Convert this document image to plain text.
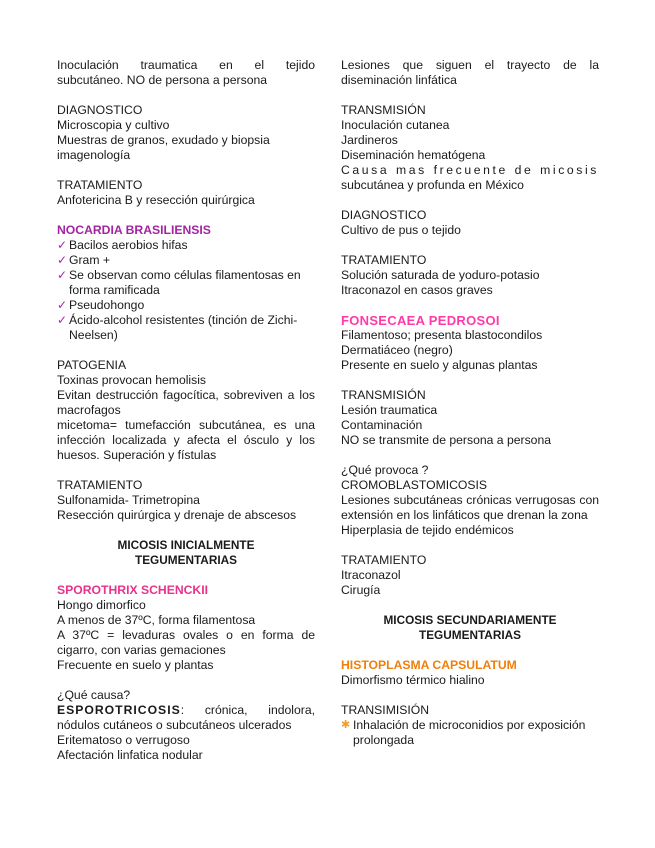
Inoculación traumatica en el tejido

subcutáneo. NO de persona a persona

DIAGNOSTICO

Microscopia y cultivo

Muestras de granos, exudado y biopsia

imagenología

TRATAMIENTO

Anfotericina B y resección quirúrgica

NOCARDIA BRASILIENSIS

✓ Bacilos aerobios hifas
✓ Gram +
✓ Se observan como células filamentosas en forma ramificada
✓ Pseudohongo
✓ Ácido-alcohol resistentes (tinción de Zichi-Neelsen)

PATOGENIA

Toxinas provocan hemolisis

Evitan destrucción fagocítica, sobreviven a los macrofagos

micetoma= tumefacción subcutánea, es una infección localizada y afecta el ósculo y los huesos. Superación y fístulas

TRATAMIENTO

Sulfonamida- Trimetropina

Resección quirúrgica y drenaje de abscesos

MICOSIS INICIALMENTE

TEGUMENTARIAS

SPOROTHRIX SCHENCKII

Hongo dimorfico

A menos de 37ºC, forma filamentosa

A 37ºC = levaduras ovales o en forma de cigarro, con varias gemaciones

Frecuente en suelo y plantas

¿Qué causa?

ESPOROTRICOSIS: crónica, indolora, nódulos cutáneos o subcutáneos ulcerados

Eritematoso o verrugoso

Afectación linfatica nodular

Lesiones que siguen el trayecto de la

diseminación linfática

TRANSMISIÓN

Inoculación cutanea

Jardineros

Diseminación hematógena

Causa mas frecuente de micosis

subcutánea y profunda en México

DIAGNOSTICO

Cultivo de pus o tejido

TRATAMIENTO

Solución saturada de yoduro-potasio

Itraconazol en casos graves

FONSECAEA PEDROSOI

Filamentoso; presenta blastocondilos

Dermatiáceo (negro)

Presente en suelo y algunas plantas

TRANSMISIÓN

Lesión traumatica

Contaminación

NO se transmite de persona a persona

¿Qué provoca ?

CROMOBLASTOMICOSIS

Lesiones subcutáneas crónicas verrugosas con extensión en los linfáticos que drenan la zona

Hiperplasia de tejido endémicos

TRATAMIENTO

Itraconazol

Cirugía

MICOSIS SECUNDARIAMENTE

TEGUMENTARIAS

HISTOPLASMA CAPSULATUM

Dimorfismo térmico hialino

TRANSIMISIÓN

✱ Inhalación de microconidios por exposición prolongada
